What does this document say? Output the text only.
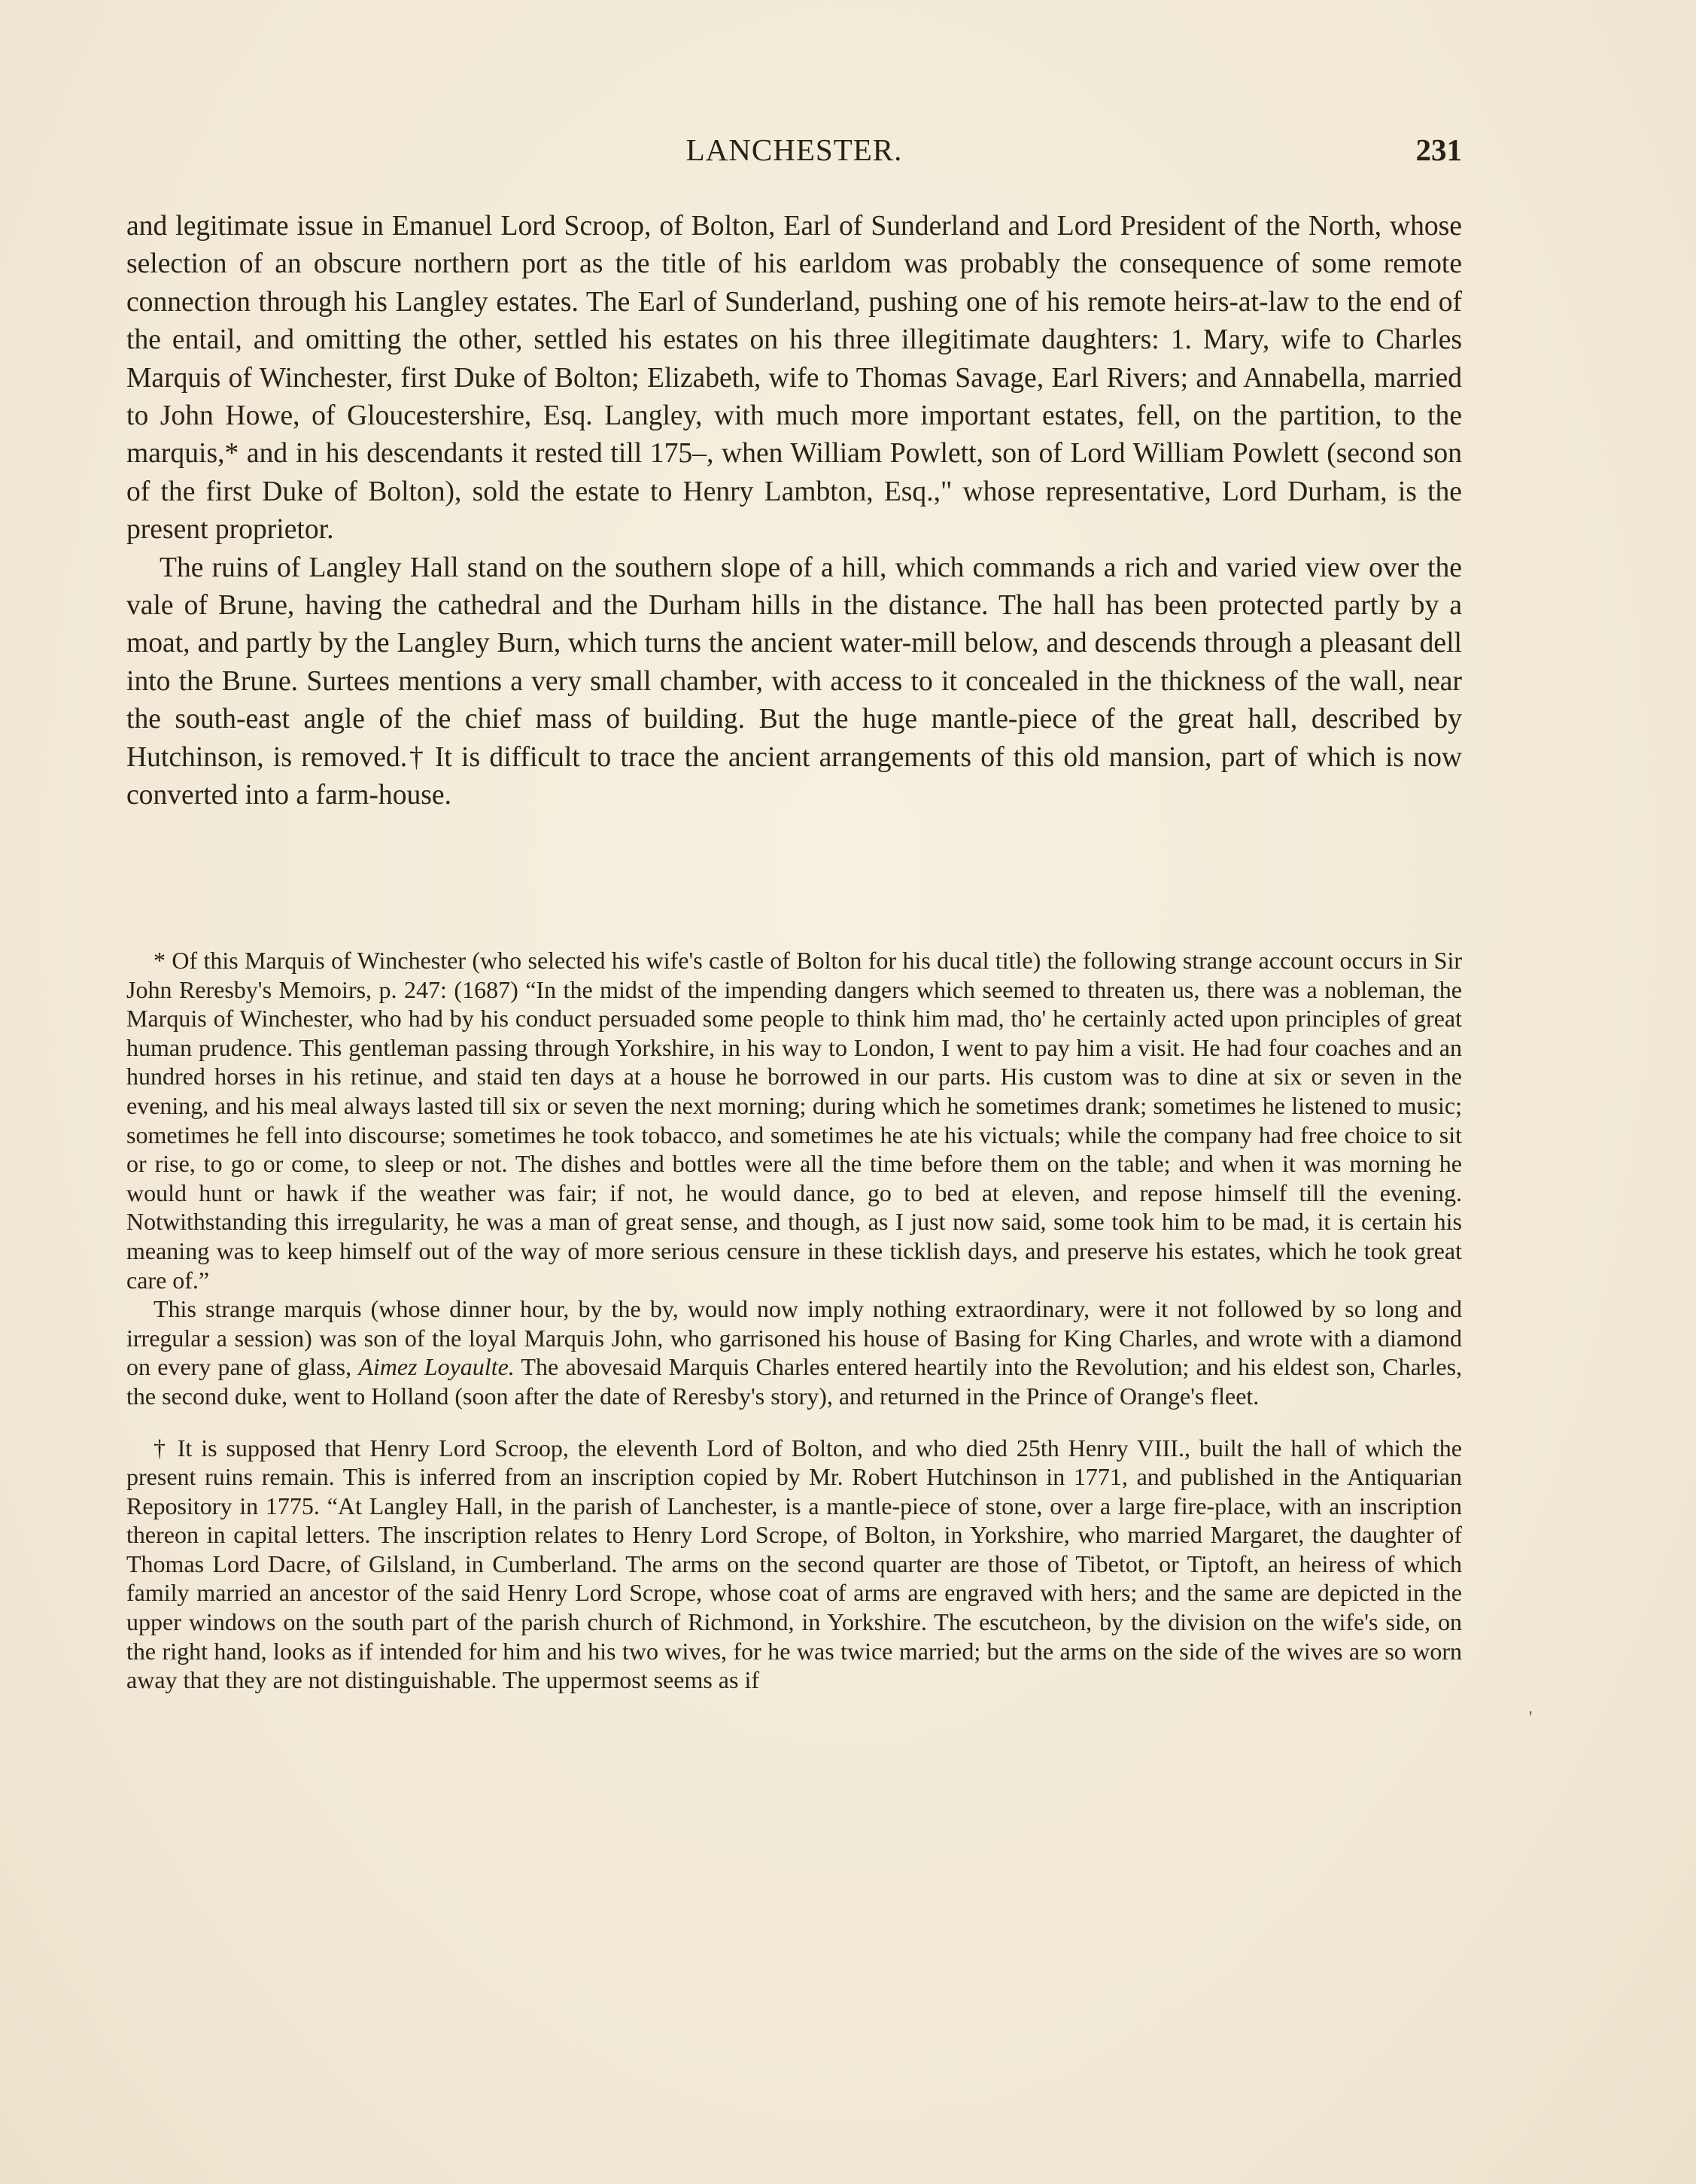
LANCHESTER.	231

and legitimate issue in Emanuel Lord Scroop, of Bolton, Earl of Sunderland and Lord President of the North, whose selection of an obscure northern port as the title of his earldom was probably the consequence of some remote connection through his Langley estates. The Earl of Sunderland, pushing one of his remote heirs-at-law to the end of the entail, and omitting the other, settled his estates on his three illegitimate daughters: 1. Mary, wife to Charles Marquis of Winchester, first Duke of Bolton; Elizabeth, wife to Thomas Savage, Earl Rivers; and Annabella, married to John Howe, of Gloucestershire, Esq. Langley, with much more important estates, fell, on the partition, to the marquis,* and in his descendants it rested till 175–, when William Powlett, son of Lord William Powlett (second son of the first Duke of Bolton), sold the estate to Henry Lambton, Esq.," whose representative, Lord Durham, is the present proprietor.

The ruins of Langley Hall stand on the southern slope of a hill, which commands a rich and varied view over the vale of Brune, having the cathedral and the Durham hills in the distance. The hall has been protected partly by a moat, and partly by the Langley Burn, which turns the ancient water-mill below, and descends through a pleasant dell into the Brune. Surtees mentions a very small chamber, with access to it concealed in the thickness of the wall, near the south-east angle of the chief mass of building. But the huge mantle-piece of the great hall, described by Hutchinson, is removed.† It is difficult to trace the ancient arrangements of this old mansion, part of which is now converted into a farm-house.

* Of this Marquis of Winchester (who selected his wife's castle of Bolton for his ducal title) the following strange account occurs in Sir John Reresby's Memoirs, p. 247: (1687) “In the midst of the impending dangers which seemed to threaten us, there was a nobleman, the Marquis of Winchester, who had by his conduct persuaded some people to think him mad, tho' he certainly acted upon principles of great human prudence. This gentleman passing through Yorkshire, in his way to London, I went to pay him a visit. He had four coaches and an hundred horses in his retinue, and staid ten days at a house he borrowed in our parts. His custom was to dine at six or seven in the evening, and his meal always lasted till six or seven the next morning; during which he sometimes drank; sometimes he listened to music; sometimes he fell into discourse; sometimes he took tobacco, and sometimes he ate his victuals; while the company had free choice to sit or rise, to go or come, to sleep or not. The dishes and bottles were all the time before them on the table; and when it was morning he would hunt or hawk if the weather was fair; if not, he would dance, go to bed at eleven, and repose himself till the evening. Notwithstanding this irregularity, he was a man of great sense, and though, as I just now said, some took him to be mad, it is certain his meaning was to keep himself out of the way of more serious censure in these ticklish days, and preserve his estates, which he took great care of.”

This strange marquis (whose dinner hour, by the by, would now imply nothing extraordinary, were it not followed by so long and irregular a session) was son of the loyal Marquis John, who garrisoned his house of Basing for King Charles, and wrote with a diamond on every pane of glass, Aimez Loyaulte. The abovesaid Marquis Charles entered heartily into the Revolution; and his eldest son, Charles, the second duke, went to Holland (soon after the date of Reresby's story), and returned in the Prince of Orange's fleet.

† It is supposed that Henry Lord Scroop, the eleventh Lord of Bolton, and who died 25th Henry VIII., built the hall of which the present ruins remain. This is inferred from an inscription copied by Mr. Robert Hutchinson in 1771, and published in the Antiquarian Repository in 1775. “At Langley Hall, in the parish of Lanchester, is a mantle-piece of stone, over a large fire-place, with an inscription thereon in capital letters. The inscription relates to Henry Lord Scrope, of Bolton, in Yorkshire, who married Margaret, the daughter of Thomas Lord Dacre, of Gilsland, in Cumberland. The arms on the second quarter are those of Tibetot, or Tiptoft, an heiress of which family married an ancestor of the said Henry Lord Scrope, whose coat of arms are engraved with hers; and the same are depicted in the upper windows on the south part of the parish church of Richmond, in Yorkshire. The escutcheon, by the division on the wife's side, on the right hand, looks as if intended for him and his two wives, for he was twice married; but the arms on the side of the wives are so worn away that they are not distinguishable. The uppermost seems as if

'
